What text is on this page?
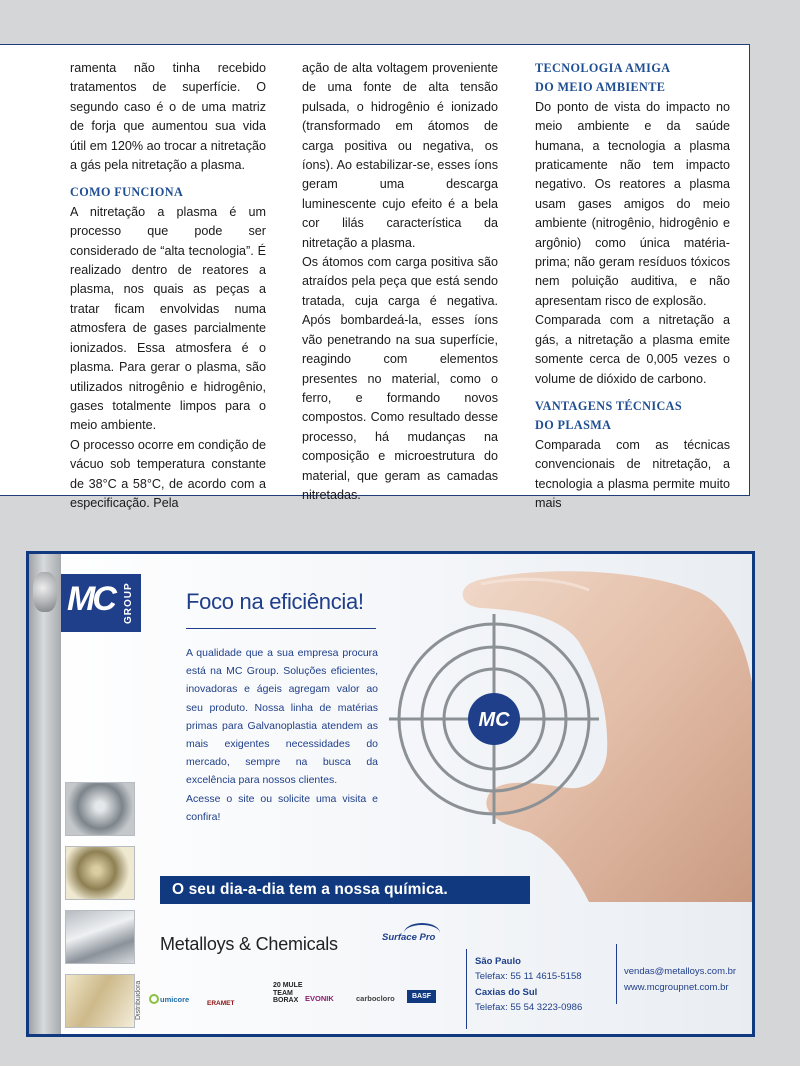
ramenta não tinha recebido tratamentos de superfície. O segundo caso é o de uma matriz de forja que aumentou sua vida útil em 120% ao trocar a nitretação a gás pela nitretação a plasma.

COMO FUNCIONA

A nitretação a plasma é um processo que pode ser considerado de “alta tecnologia”. É realizado dentro de reatores a plasma, nos quais as peças a tratar ficam envolvidas numa atmosfera de gases parcialmente ionizados. Essa atmosfera é o plasma. Para gerar o plasma, são utilizados nitrogênio e hidrogênio, gases totalmente limpos para o meio ambiente.

O processo ocorre em condição de vácuo sob temperatura constante de 38°C a 58°C, de acordo com a especificação. Pela

ação de alta voltagem proveniente de uma fonte de alta tensão pulsada, o hidrogênio é ionizado (transformado em átomos de carga positiva ou negativa, os íons). Ao estabilizar-se, esses íons geram uma descarga luminescente cujo efeito é a bela cor lilás característica da nitretação a plasma.

Os átomos com carga positiva são atraídos pela peça que está sendo tratada, cuja carga é negativa. Após bombardeá-la, esses íons vão penetrando na sua superfície, reagindo com elementos presentes no material, como o ferro, e formando novos compostos. Como resultado desse processo, há mudanças na composição e microestrutura do material, que geram as camadas nitretadas.

TECNOLOGIA AMIGA
DO MEIO AMBIENTE

Do ponto de vista do impacto no meio ambiente e da saúde humana, a tecnologia a plasma praticamente não tem impacto negativo. Os reatores a plasma usam gases amigos do meio ambiente (nitrogênio, hidrogênio e argônio) como única matéria-prima; não geram resíduos tóxicos nem poluição auditiva, e não apresentam risco de explosão.

Comparada com a nitretação a gás, a nitretação a plasma emite somente cerca de 0,005 vezes o volume de dióxido de carbono.

VANTAGENS TÉCNICAS
DO PLASMA

Comparada com as técnicas convencionais de nitretação, a tecnologia a plasma permite muito mais

MC GROUP Foco na eficiência!

A qualidade que a sua empresa procura está na MC Group. Soluções eficientes, inovadoras e ágeis agregam valor ao seu produto. Nossa linha de matérias primas para Galvanoplastia atendem as mais exigentes necessidades do mercado, sempre na busca da excelência para nossos clientes.

Acesse o site ou solicite uma visita e confira!

MC
O seu dia-a-dia tem a nossa química.
Metalloys & Chemicals	Surface Pro
Distribuidora	umicore	ERAMET
20 MULE TEAM BORAX EVONIK	carbocloro	BASF
São Paulo
Telefax: 55 11 4615-5158
Caxias do Sul
Telefax: 55 54 3223-0986
vendas@metalloys.com.br
www.mcgroupnet.com.br
